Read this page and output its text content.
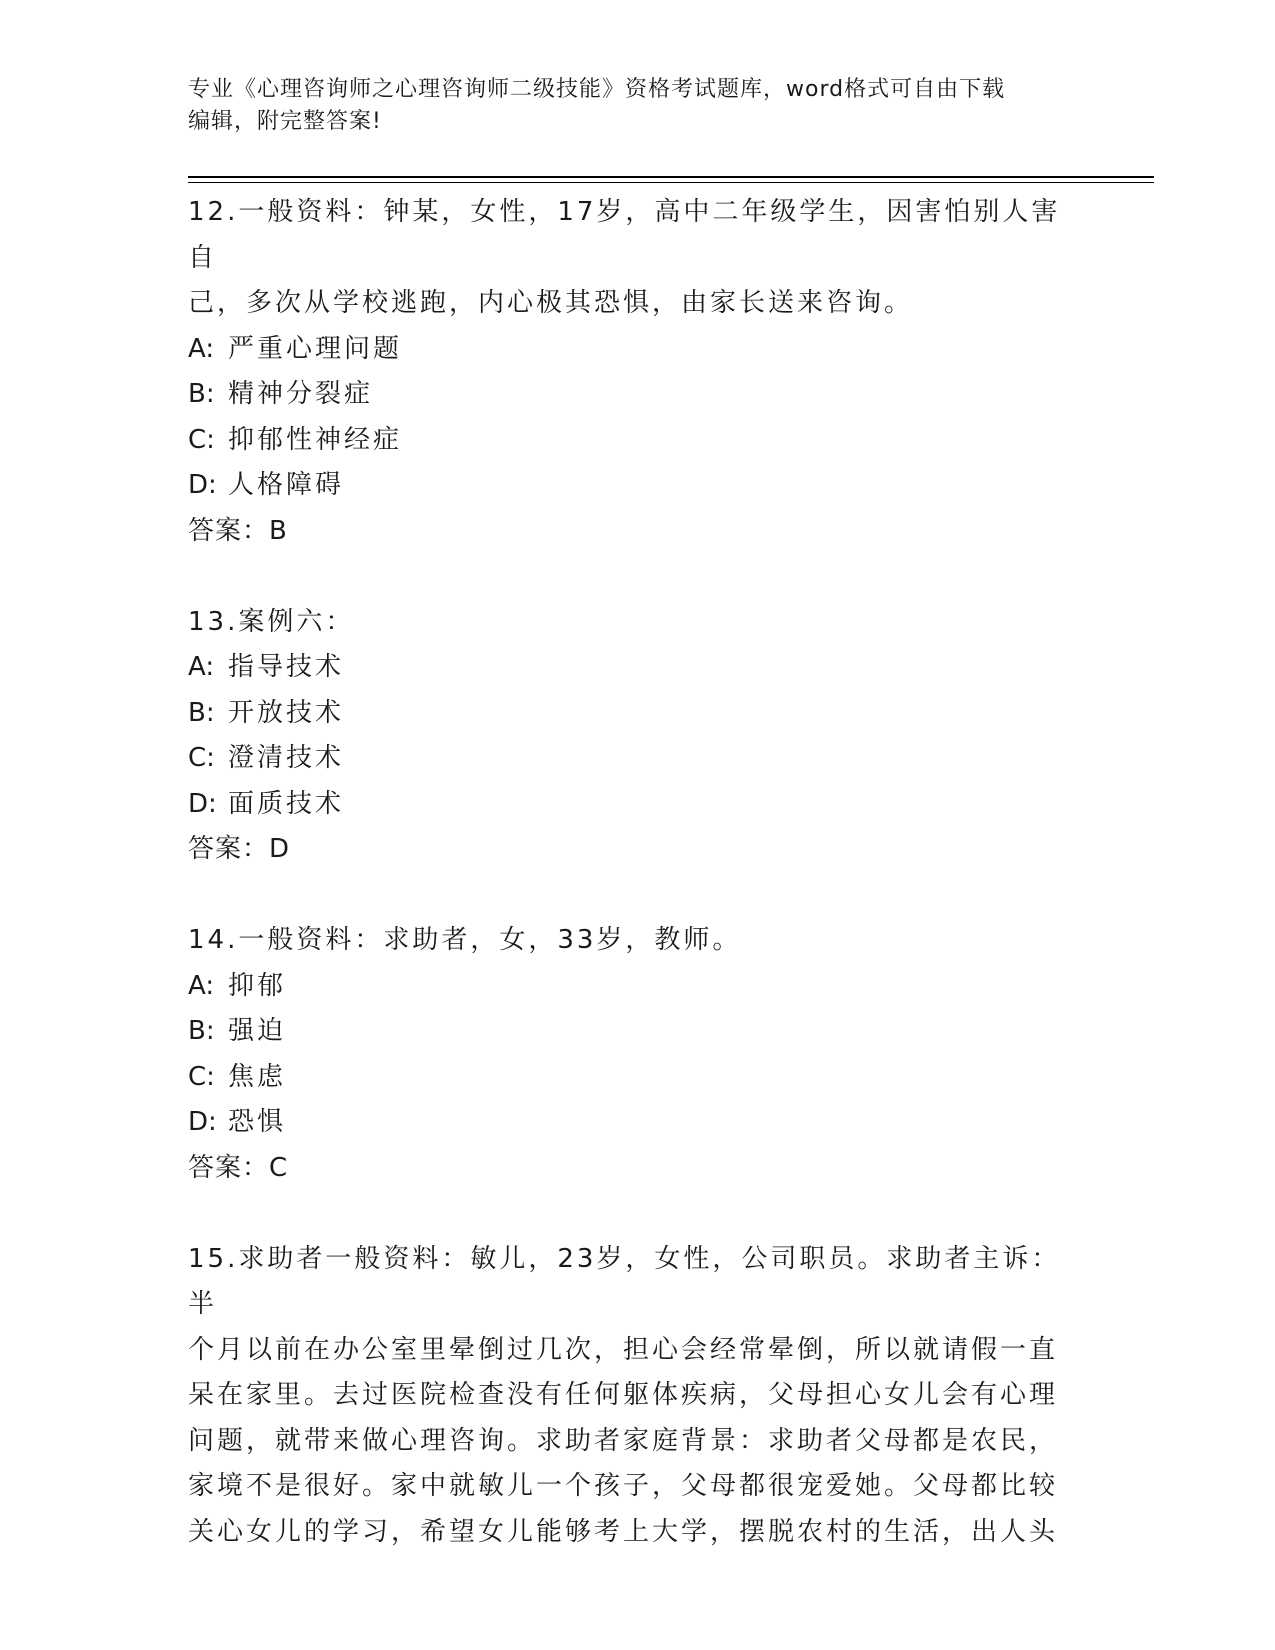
专业《心理咨询师之心理咨询师二级技能》资格考试题库，word格式可自由下载
编辑，附完整答案!
12.一般资料：钟某，女性，17岁，高中二年级学生，因害怕别人害自
己，多次从学校逃跑，内心极其恐惧，由家长送来咨询。
A: 严重心理问题
B: 精神分裂症
C: 抑郁性神经症
D: 人格障碍
答案：B
13.案例六：
A: 指导技术
B: 开放技术
C: 澄清技术
D: 面质技术
答案：D
14.一般资料：求助者，女，33岁，教师。
A: 抑郁
B: 强迫
C: 焦虑
D: 恐惧
答案：C
15.求助者一般资料：敏儿，23岁，女性，公司职员。求助者主诉：半
个月以前在办公室里晕倒过几次，担心会经常晕倒，所以就请假一直
呆在家里。去过医院检查没有任何躯体疾病，父母担心女儿会有心理
问题，就带来做心理咨询。求助者家庭背景：求助者父母都是农民，
家境不是很好。家中就敏儿一个孩子，父母都很宠爱她。父母都比较
关心女儿的学习，希望女儿能够考上大学，摆脱农村的生活，出人头
